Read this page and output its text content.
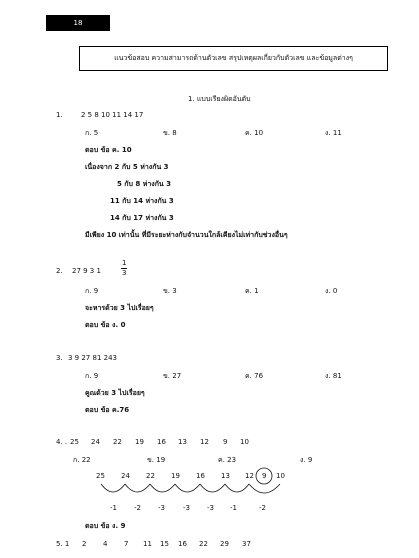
18
แนวข้อสอบ ความสามารถด้านตัวเลข สรุปเหตุผลเกี่ยวกับตัวเลข และข้อมูลต่างๆ
1. แบบเรียงผิดอันดับ
1.	2 5 8 10 11 14 17
ก. 5	ข. 8	ค. 10	ง. 11
ตอบ ข้อ ค. 10
เนื่องจาก 2 กับ 5 ห่างกัน 3
5 กับ 8 ห่างกัน 3
11 กับ 14 ห่างกัน 3
14 กับ 17 ห่างกัน 3
มีเพียง 10 เท่านั้น ที่มีระยะห่างกับจำนวนใกล้เคียงไม่เท่ากับช่วงอื่นๆ
2. 27 9 3 1	$\frac{1}{3}$
ก. 9	ข. 3	ค. 1	ง. 0
จะหารด้วย 3 ไปเรื่อยๆ
ตอบ ข้อ ง. 0
3. 3 9 27 81 243
ก. 9	ข. 27	ค. 76	ง. 81
คูณด้วย 3 ไปเรื่อยๆ
ตอบ ข้อ ค.76
4. . 25 24 22 19 16 13 12 9 10
ก. 22	ข. 19	ค. 23	ง. 9
25 24 22 19 16 13 12 9 10
-1 -2 -3	-3 -3 -1	-2
ตอบ ข้อ ง. 9
5. 1 2 4 7 11 15 16 22 29 37
